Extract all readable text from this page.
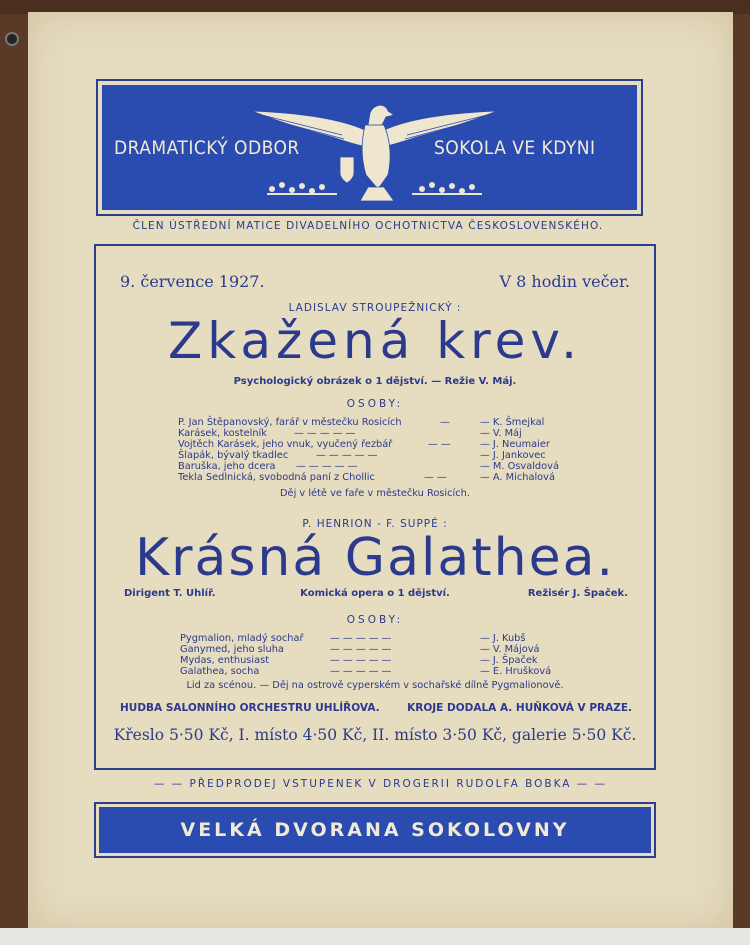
DRAMATICKÝ ODBOR	SOKOLA VE KDYNI
ČLEN ÚSTŘEDNÍ MATICE DIVADELNÍHO OCHOTNICTVA ČESKOSLOVENSKÉHO.
9. července 1927.	V 8 hodin večer.
LADISLAV STROUPEŽNICKÝ :
Zkažená krev.
Psychologický obrázek o 1 dějství. — Režie V. Máj.
OSOBY:
P. Jan Štěpanovský, farář v městečku Rosicích	—	— K. Šmejkal
Karásek, kostelník	— — — — —	— V. Máj
Vojtěch Karásek, jeho vnuk, vyučený řezbář	— —	— J. Neumaier
Šlapák, bývalý tkadlec	— — — — —	— J. Jankovec
Baruška, jeho dcera — — — — —	— M. Osvaldová
Tekla Sedlnická, svobodná paní z Chollic	— —	— A. Michalová
Děj v létě ve faře v městečku Rosicích.
P. HENRION - F. SUPPÉ :
Krásná Galathea.
Dirigent T. Uhlíř.	Komická opera o 1 dějství.	Režisér J. Špaček.
OSOBY:
Pygmalion, mladý sochař	— — — — —	— J. Kubš
Ganymed, jeho sluha	— — — — —	— V. Májová
Mydas, enthusiast	— — — — —	— J. Špaček
Galathea, socha	— — — — —	— E. Hrušková
Lid za scénou. — Děj na ostrově cyperském v sochařské dílně Pygmalionově.
HUDBA SALONNÍHO ORCHESTRU UHLÍŘOVA.	KROJE DODALA A. HUŇKOVÁ V PRAZE.
Křeslo 5·50 Kč, I. místo 4·50 Kč, II. místo 3·50 Kč, galerie 5·50 Kč.
— — PŘEDPRODEJ VSTUPENEK V DROGERII RUDOLFA BOBKA — —
VELKÁ DVORANA SOKOLOVNY
